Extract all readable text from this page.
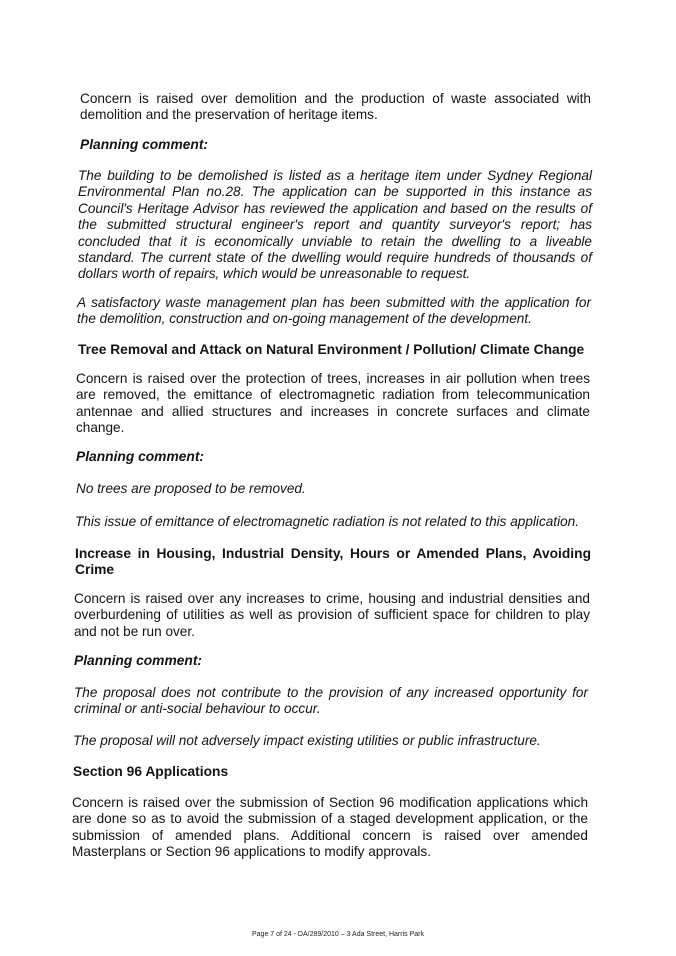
Concern is raised over demolition and the production of waste associated with demolition and the preservation of heritage items.

Planning comment:

The building to be demolished is listed as a heritage item under Sydney Regional Environmental Plan no.28. The application can be supported in this instance as Council's Heritage Advisor has reviewed the application and based on the results of the submitted structural engineer's report and quantity surveyor's report; has concluded that it is economically unviable to retain the dwelling to a liveable standard. The current state of the dwelling would require hundreds of thousands of dollars worth of repairs, which would be unreasonable to request.

A satisfactory waste management plan has been submitted with the application for the demolition, construction and on-going management of the development.

Tree Removal and Attack on Natural Environment / Pollution/ Climate Change

Concern is raised over the protection of trees, increases in air pollution when trees are removed, the emittance of electromagnetic radiation from telecommunication antennae and allied structures and increases in concrete surfaces and climate change.

Planning comment:

No trees are proposed to be removed.

This issue of emittance of electromagnetic radiation is not related to this application.

Increase in Housing, Industrial Density, Hours or Amended Plans, Avoiding Crime

Concern is raised over any increases to crime, housing and industrial densities and overburdening of utilities as well as provision of sufficient space for children to play and not be run over.

Planning comment:

The proposal does not contribute to the provision of any increased opportunity for criminal or anti-social behaviour to occur.

The proposal will not adversely impact existing utilities or public infrastructure.

Section 96 Applications

Concern is raised over the submission of Section 96 modification applications which are done so as to avoid the submission of a staged development application, or the submission of amended plans. Additional concern is raised over amended Masterplans or Section 96 applications to modify approvals.

Page 7 of 24 - DA/289/2010 – 3 Ada Street, Harris Park
